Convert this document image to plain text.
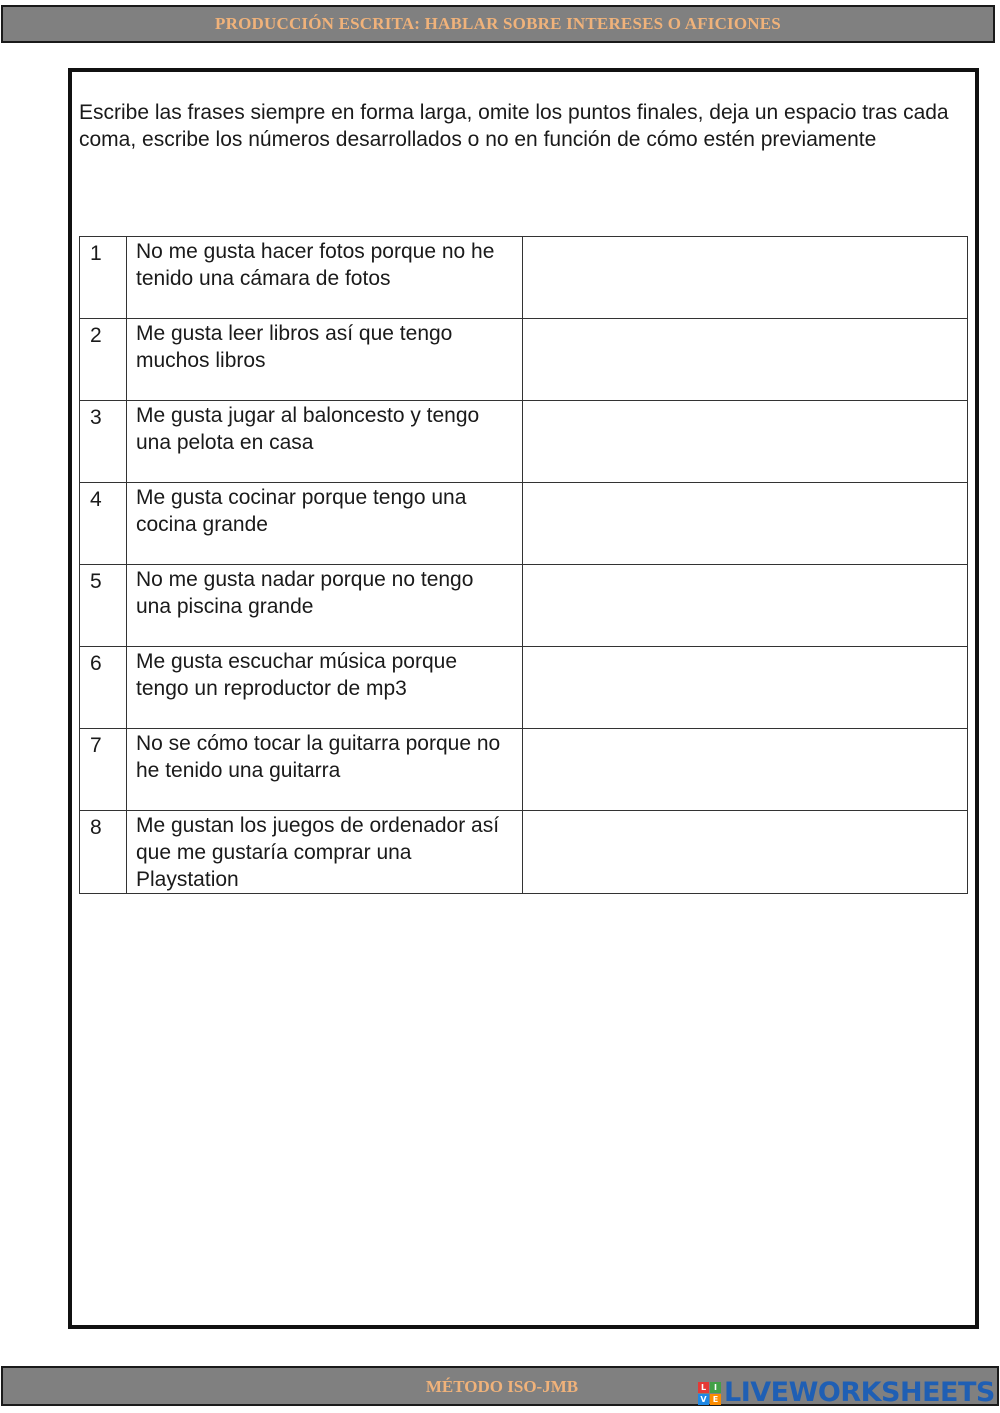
PRODUCCIÓN ESCRITA: HABLAR SOBRE INTERESES O AFICIONES
Escribe las frases siempre en forma larga, omite los puntos finales, deja un espacio tras cada coma, escribe los números desarrollados o no en función de cómo estén previamente
1	No me gusta hacer fotos porque no he tenido una cámara de fotos	
2	Me gusta leer libros así que tengo muchos libros	
3	Me gusta jugar al baloncesto y tengo una pelota en casa	
4	Me gusta cocinar porque tengo una cocina grande	
5	No me gusta nadar porque no tengo una piscina grande	
6	Me gusta escuchar música porque tengo un reproductor de mp3	
7	No se cómo tocar la guitarra porque no he tenido una guitarra	
8	Me gustan los juegos de ordenador así que me gustaría comprar una Playstation	
MÉTODO ISO-JMB	L I
V E LIVEWORKSHEETS
